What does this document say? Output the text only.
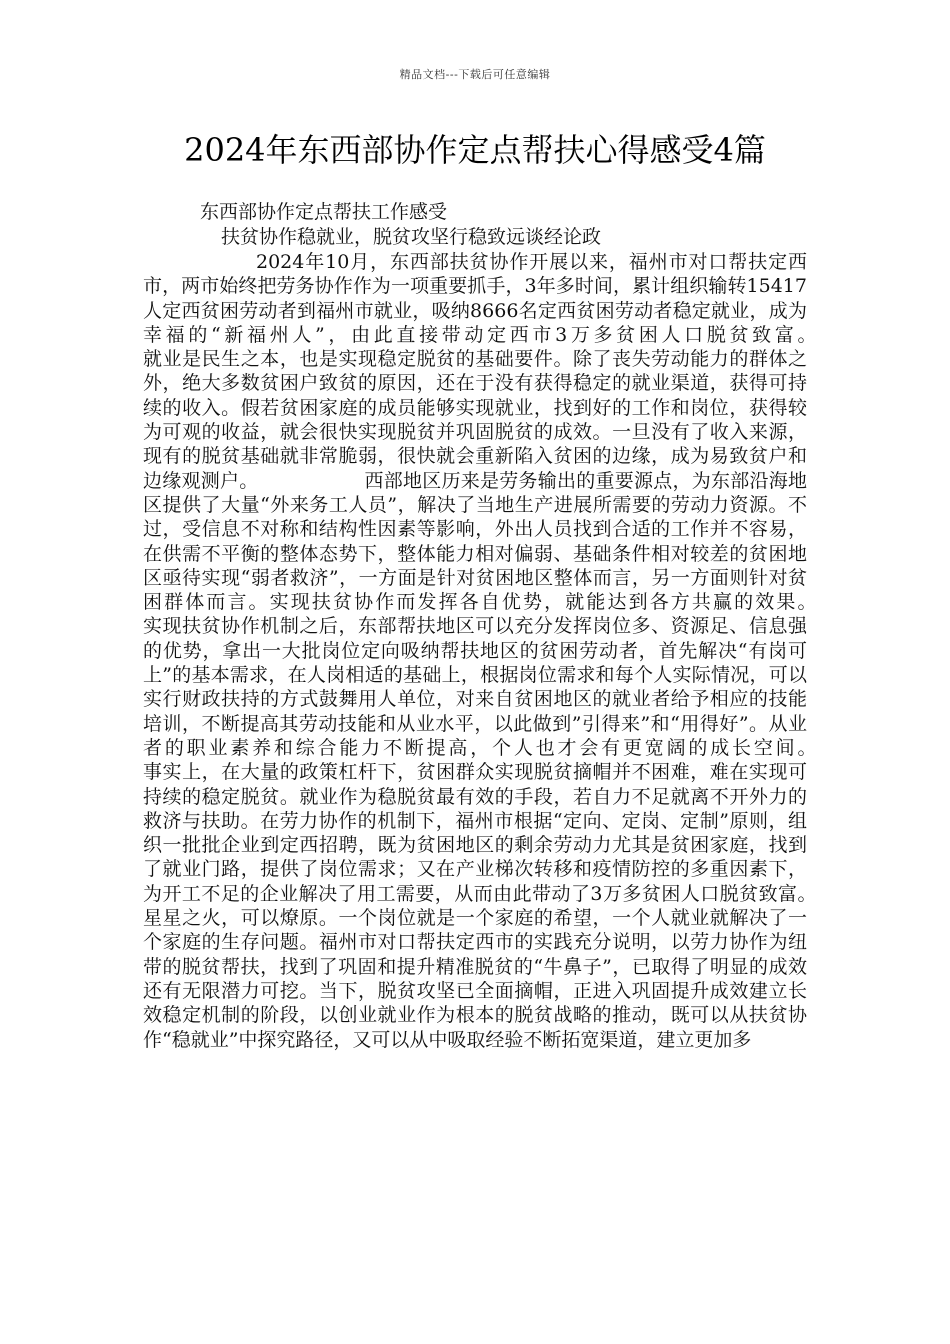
精品文档---下载后可任意编辑
2024年东西部协作定点帮扶心得感受4篇
东西部协作定点帮扶工作感受
扶贫协作稳就业，脱贫攻坚行稳致远谈经论政

2024年10月，东西部扶贫协作开展以来，福州市对口帮扶定西市，两市始终把劳务协作作为一项重要抓手，3年多时间，累计组织输转15417人定西贫困劳动者到福州市就业，吸纳8666名定西贫困劳动者稳定就业，成为幸福的“新福州人”，由此直接带动定西市3万多贫困人口脱贫致富。　　　　　　就业是民生之本，也是实现稳定脱贫的基础要件。除了丧失劳动能力的群体之外，绝大多数贫困户致贫的原因，还在于没有获得稳定的就业渠道，获得可持续的收入。假若贫困家庭的成员能够实现就业，找到好的工作和岗位，获得较为可观的收益，就会很快实现脱贫并巩固脱贫的成效。一旦没有了收入来源，现有的脱贫基础就非常脆弱，很快就会重新陷入贫困的边缘，成为易致贫户和边缘观测户。　　　　　　西部地区历来是劳务输出的重要源点，为东部沿海地区提供了大量“外来务工人员”，解决了当地生产进展所需要的劳动力资源。不过，受信息不对称和结构性因素等影响，外出人员找到合适的工作并不容易，在供需不平衡的整体态势下，整体能力相对偏弱、基础条件相对较差的贫困地区亟待实现“弱者救济”，一方面是针对贫困地区整体而言，另一方面则针对贫困群体而言。实现扶贫协作而发挥各自优势，就能达到各方共赢的效果。　　　　　　实现扶贫协作机制之后，东部帮扶地区可以充分发挥岗位多、资源足、信息强的优势，拿出一大批岗位定向吸纳帮扶地区的贫困劳动者，首先解决“有岗可上”的基本需求，在人岗相适的基础上，根据岗位需求和每个人实际情况，可以实行财政扶持的方式鼓舞用人单位，对来自贫困地区的就业者给予相应的技能培训，不断提高其劳动技能和从业水平，以此做到”引得来”和“用得好”。从业者的职业素养和综合能力不断提高，个人也才会有更宽阔的成长空间。　　　　　　事实上，在大量的政策杠杆下，贫困群众实现脱贫摘帽并不困难，难在实现可持续的稳定脱贫。就业作为稳脱贫最有效的手段，若自力不足就离不开外力的救济与扶助。在劳力协作的机制下，福州市根据“定向、定岗、定制”原则，组织一批批企业到定西招聘，既为贫困地区的剩余劳动力尤其是贫困家庭，找到了就业门路，提供了岗位需求；又在产业梯次转移和疫情防控的多重因素下，为开工不足的企业解决了用工需要，从而由此带动了3万多贫困人口脱贫致富。　星星之火，可以燎原。一个岗位就是一个家庭的希望，一个人就业就解决了一个家庭的生存问题。福州市对口帮扶定西市的实践充分说明，以劳力协作为纽带的脱贫帮扶，找到了巩固和提升精准脱贫的“牛鼻子”，已取得了明显的成效还有无限潜力可挖。当下，脱贫攻坚已全面摘帽，正进入巩固提升成效建立长效稳定机制的阶段，以创业就业作为根本的脱贫战略的推动，既可以从扶贫协作“稳就业”中探究路径，又可以从中吸取经验不断拓宽渠道，建立更加多
